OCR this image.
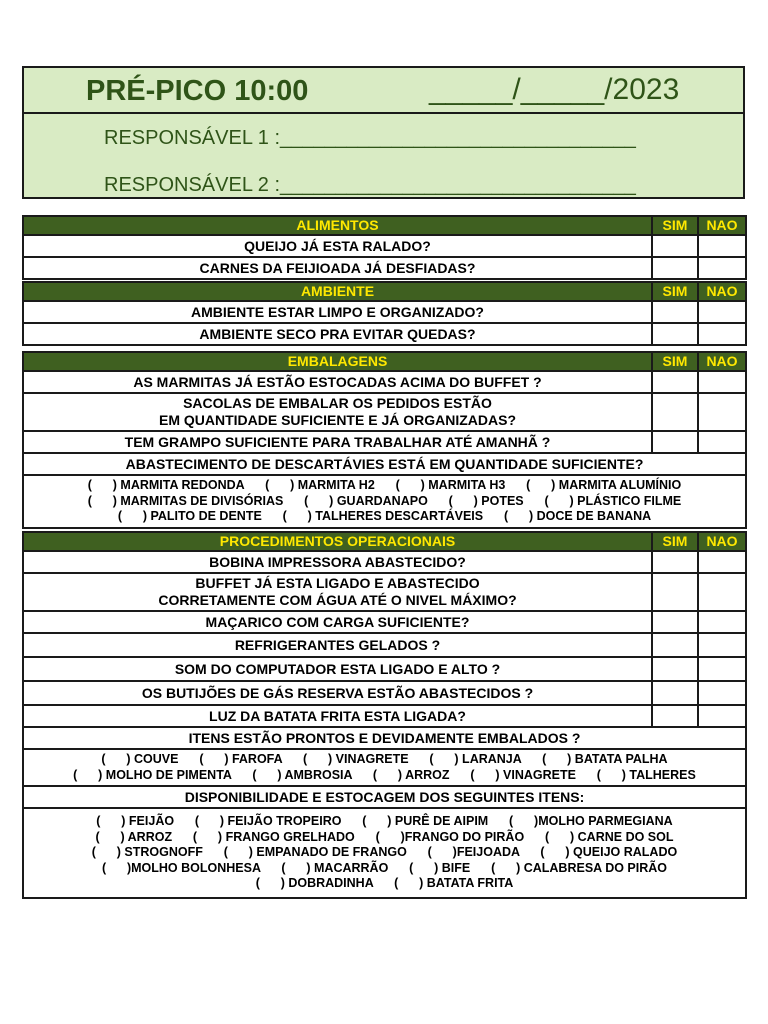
PRÉ-PICO 10:00	_____/_____/2023
RESPONSÁVEL 1 :________________________________
RESPONSÁVEL 2 :________________________________
ALIMENTOS	SIM	NAO
QUEIJO JÁ ESTA RALADO?		
CARNES DA FEIJIOADA JÁ DESFIADAS?		
AMBIENTE	SIM	NAO
AMBIENTE ESTAR LIMPO E ORGANIZADO?		
AMBIENTE SECO PRA EVITAR QUEDAS?		
EMBALAGENS	SIM	NAO
AS MARMITAS JÁ ESTÃO ESTOCADAS ACIMA DO BUFFET ?		
SACOLAS DE EMBALAR OS PEDIDOS ESTÃO
EM QUANTIDADE SUFICIENTE E JÁ ORGANIZADAS?		
TEM GRAMPO SUFICIENTE PARA TRABALHAR ATÉ AMANHÃ ?		
ABASTECIMENTO DE DESCARTÁVIES ESTÁ EM QUANTIDADE SUFICIENTE?		
(      ) MARMITA REDONDA      (      ) MARMITA H2      (      ) MARMITA H3      (      ) MARMITA ALUMÍNIO
(      ) MARMITAS DE DIVISÓRIAS      (      ) GUARDANAPO      (      ) POTES      (      ) PLÁSTICO FILME
(      ) PALITO DE DENTE      (      ) TALHERES DESCARTÁVEIS      (      ) DOCE DE BANANA		
PROCEDIMENTOS OPERACIONAIS	SIM	NAO
BOBINA IMPRESSORA ABASTECIDO?		
BUFFET JÁ ESTA LIGADO E ABASTECIDO
CORRETAMENTE COM ÁGUA ATÉ O NIVEL MÁXIMO?		
MAÇARICO COM CARGA SUFICIENTE?		
REFRIGERANTES GELADOS ?		
SOM DO COMPUTADOR ESTA LIGADO E ALTO ?		
OS BUTIJÕES DE GÁS RESERVA ESTÃO ABASTECIDOS ?		
LUZ DA BATATA FRITA ESTA LIGADA?		
ITENS ESTÃO PRONTOS E DEVIDAMENTE EMBALADOS ?		
(      ) COUVE      (      ) FAROFA      (      ) VINAGRETE      (      ) LARANJA      (      ) BATATA PALHA
(      ) MOLHO DE PIMENTA      (      ) AMBROSIA      (      ) ARROZ      (      ) VINAGRETE      (      ) TALHERES		
DISPONIBILIDADE E ESTOCAGEM DOS SEGUINTES ITENS:		
(      ) FEIJÃO      (      ) FEIJÃO TROPEIRO      (      ) PURÊ DE AIPIM      (      )MOLHO PARMEGIANA
(      ) ARROZ      (      ) FRANGO GRELHADO      (      )FRANGO DO PIRÃO      (      ) CARNE DO SOL
(      ) STROGNOFF      (      ) EMPANADO DE FRANGO      (      )FEIJOADA      (      ) QUEIJO RALADO
(      )MOLHO BOLONHESA      (      ) MACARRÃO      (      ) BIFE      (      ) CALABRESA DO PIRÃO
(      ) DOBRADINHA      (      ) BATATA FRITA		
